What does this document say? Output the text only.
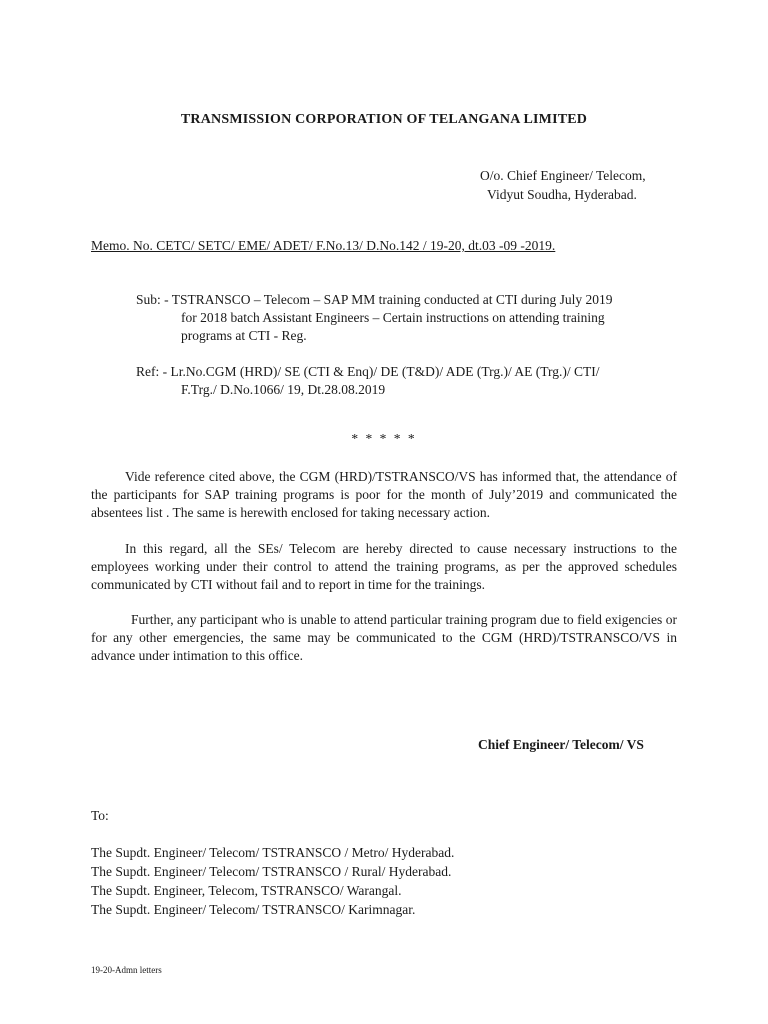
TRANSMISSION CORPORATION OF TELANGANA LIMITED
O/o. Chief Engineer/ Telecom,
Vidyut Soudha, Hyderabad.
Memo. No. CETC/ SETC/ EME/ ADET/ F.No.13/ D.No.142 / 19-20, dt.03 -09 -2019.
Sub: - TSTRANSCO – Telecom – SAP MM training conducted at CTI during July 2019
for 2018 batch Assistant Engineers – Certain instructions on attending training
programs at CTI - Reg.
Ref: - Lr.No.CGM (HRD)/ SE (CTI & Enq)/ DE (T&D)/ ADE (Trg.)/ AE (Trg.)/ CTI/
F.Trg./ D.No.1066/ 19, Dt.28.08.2019
* * * * *
Vide reference cited above, the CGM (HRD)/TSTRANSCO/VS has informed that, the attendance of the participants for SAP training programs is poor for the month of July’2019 and communicated the absentees list . The same is herewith enclosed for taking necessary action.
In this regard, all the SEs/ Telecom are hereby directed to cause necessary instructions to the employees working under their control to attend the training programs, as per the approved schedules communicated by CTI without fail and to report in time for the trainings.
Further, any participant who is unable to attend particular training program due to field exigencies or for any other emergencies, the same may be communicated to the CGM (HRD)/TSTRANSCO/VS in advance under intimation to this office.
Chief Engineer/ Telecom/ VS
To:
The Supdt. Engineer/ Telecom/ TSTRANSCO / Metro/ Hyderabad.
The Supdt. Engineer/ Telecom/ TSTRANSCO / Rural/ Hyderabad.
The Supdt. Engineer, Telecom, TSTRANSCO/ Warangal.
The Supdt. Engineer/ Telecom/ TSTRANSCO/ Karimnagar.
19-20-Admn letters
